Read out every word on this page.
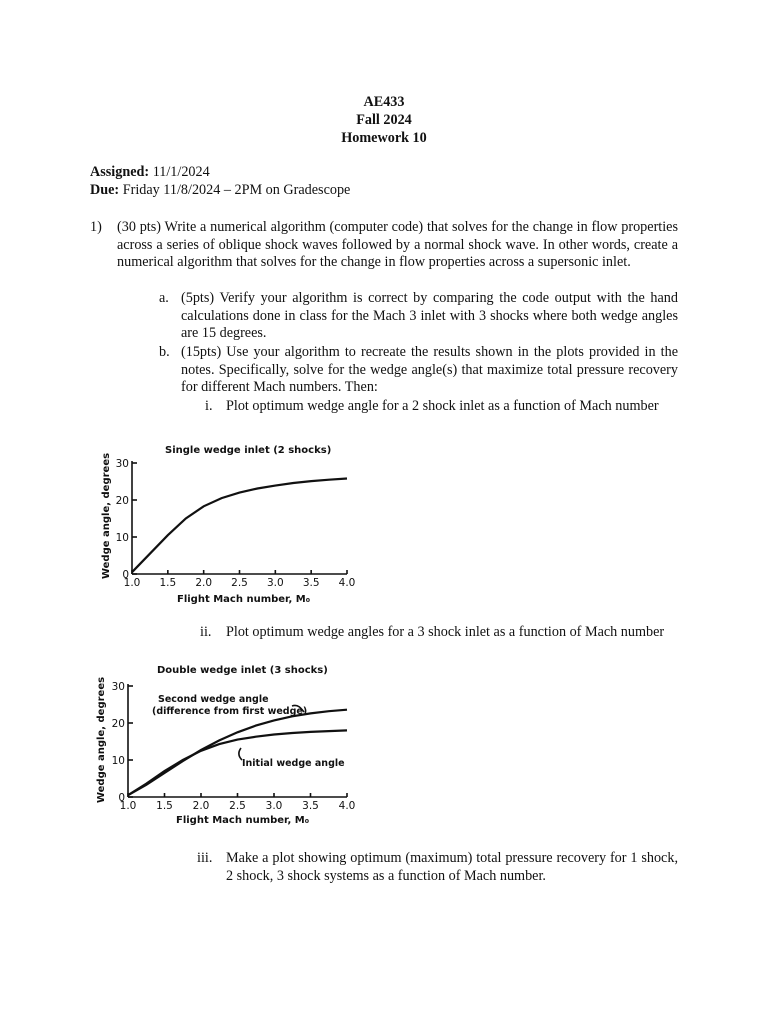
AE433
Fall 2024
Homework 10
Assigned: 11/1/2024
Due: Friday 11/8/2024 – 2PM on Gradescope
1) (30 pts) Write a numerical algorithm (computer code) that solves for the change in flow properties across a series of oblique shock waves followed by a normal shock wave. In other words, create a numerical algorithm that solves for the change in flow properties across a supersonic inlet.
a. (5pts) Verify your algorithm is correct by comparing the code output with the hand calculations done in class for the Mach 3 inlet with 3 shocks where both wedge angles are 15 degrees.
b. (15pts) Use your algorithm to recreate the results shown in the plots provided in the notes. Specifically, solve for the wedge angle(s) that maximize total pressure recovery for different Mach numbers. Then:
i. Plot optimum wedge angle for a 2 shock inlet as a function of Mach number
1.0 1.5 2.0 2.5 3.0 3.5 4.0
0
10
20
30
Single wedge inlet (2 shocks)
Flight Mach number, M₀
Wedge angle, degrees
ii. Plot optimum wedge angles for a 3 shock inlet as a function of Mach number
1.0 1.5 2.0 2.5 3.0 3.5 4.0
0
10
20
30
Double wedge inlet (3 shocks)
Flight Mach number, M₀
Wedge angle, degrees	Second wedge angle
(difference from first wedge)
Initial wedge angle
iii. Make a plot showing optimum (maximum) total pressure recovery for 1 shock, 2 shock, 3 shock systems as a function of Mach number.
